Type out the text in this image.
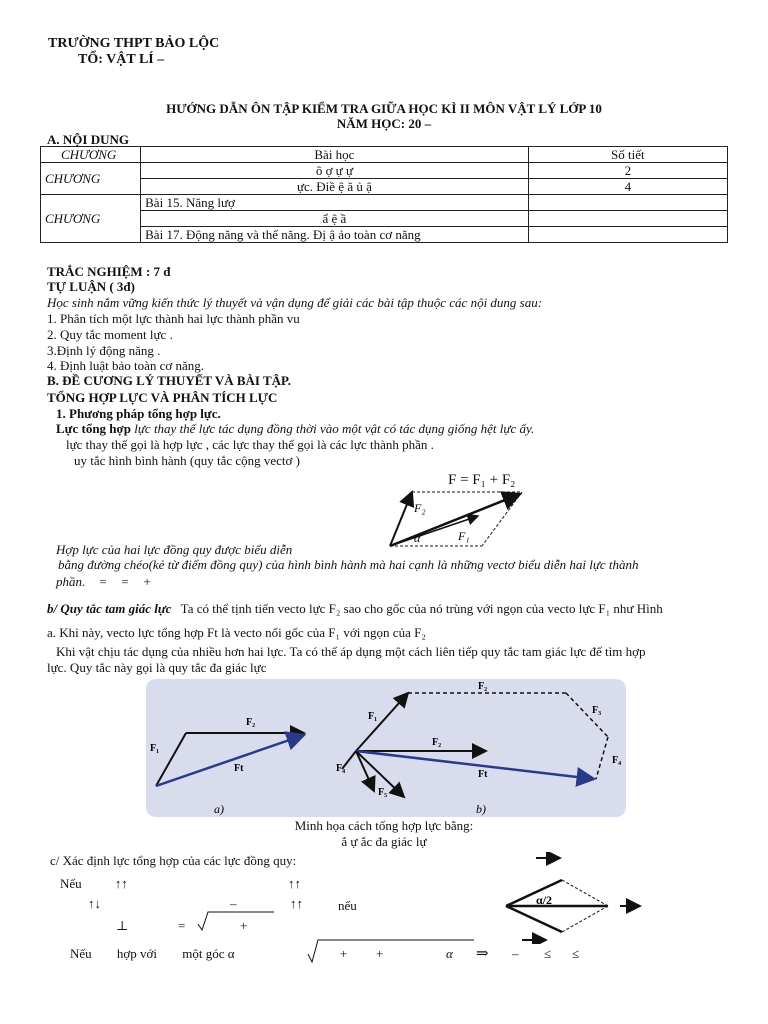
TRƯỜNG THPT BẢO LỘC
TỔ: VẬT LÍ –
HƯỚNG DẪN ÔN TẬP KIỂM TRA GIỮA HỌC KÌ II MÔN VẬT LÝ LỚP 10
NĂM HỌC: 20 –
A. NỘI DUNG
CHƯƠNG	Bài học	Số tiết
CHƯƠNG	ô ợ ự ự	2
	ực. Điề ệ ă ủ ậ	4
CHƯƠNG	Bài 15. Năng lượ	
	ẩ ệ ầ	
	Bài 17. Động năng và thế năng. Đị ậ ảo toàn cơ năng	
TRẮC NGHIỆM : 7 đ
TỰ LUẬN ( 3đ)
Học sinh nắm vững kiến thức lý thuyết và vận dụng để giải các bài tập thuộc các nội dung sau:
1. Phân tích một lực thành hai lực thành phần vu
2. Quy tắc moment lực .
3.Định lý động năng .
4. Định luật bảo toàn cơ năng.
B. ĐỀ CƯƠNG LÝ THUYẾT VÀ BÀI TẬP.
TỔNG HỢP LỰC VÀ PHÂN TÍCH LỰC
1. Phương pháp tổng hợp lực.
Lực tổng hợp lực thay thế lực tác dụng đồng thời vào một vật có tác dụng giống hệt lực ấy.
lực thay thế gọi là hợp lực , các lực thay thế gọi là các lực thành phần .
uy tắc hình bình hành (quy tắc cộng vectơ )
F = F₁ + F₂
F₂
F₁
α
Hợp lực của hai lực đồng quy được biểu diễn
bằng đường chéo(kẻ từ điểm đồng quy) của hình bình hành mà hai cạnh là những vectơ biểu diễn hai lực thành
phần. = = +
b/ Quy tắc tam giác lực Ta có thể tịnh tiến vecto lực F₂ sao cho gốc của nó trùng với ngọn của vecto lực F₁ như Hình
a. Khi này, vecto lực tổng hợp Ft là vecto nối gốc của F₁ với ngọn của F₂
Khi vật chịu tác dụng của nhiều hơn hai lực. Ta có thể áp dụng một cách liên tiếp quy tắc tam giác lực để tìm hợp
lực. Quy tắc này gọi là quy tắc đa giác lực
F₁
F₂
Ft
a)
F₁
F₂
F₃
F₄
F₂
Ft
F₄
F₅
b)
Minh họa cách tổng hợp lực bằng:
ắ ự ắc đa giác lự
c/ Xác định lực tổng hợp của các lực đồng quy:
Nếu	↑↑	↑↑
↑↓	–	↑↑	nếu
⊥	=	+
Nếu hợp với một góc α	+ +	α ⇒ – ≤ ≤
α/2
